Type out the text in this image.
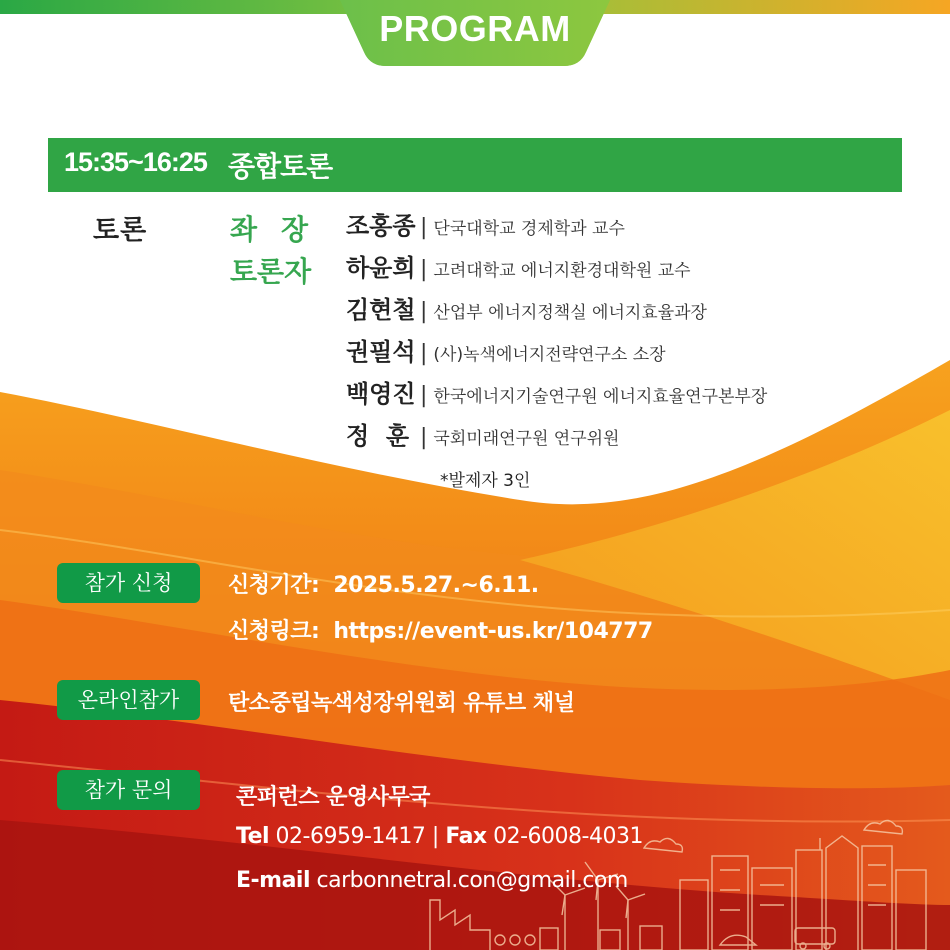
PROGRAM
15:35~16:25 종합토론
토론	좌장
토론자
조홍종 | 단국대학교 경제학과 교수
하윤희 | 고려대학교 에너지환경대학원 교수
김현철 | 산업부 에너지정책실 에너지효율과장
권필석 | (사)녹색에너지전략연구소 소장
백영진 | 한국에너지기술연구원 에너지효율연구본부장
정  훈 | 국회미래연구원 연구위원
*발제자 3인
참가 신청	신청기간: 2025.5.27.~6.11.
신청링크: https://event-us.kr/104777
온라인참가	탄소중립녹색성장위원회 유튜브 채널
참가 문의	콘퍼런스 운영사무국
Tel 02-6959-1417 | Fax 02-6008-4031
E-mail carbonnetral.con@gmail.com
